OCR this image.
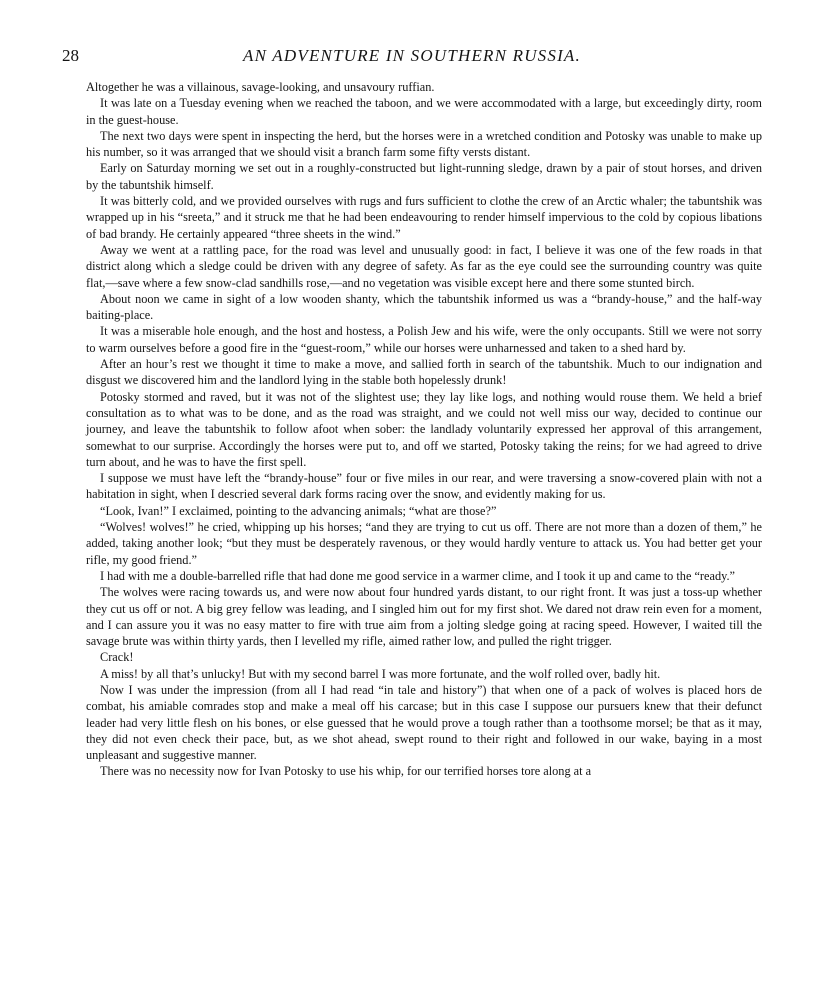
28	AN ADVENTURE IN SOUTHERN RUSSIA.

Altogether he was a villainous, savage-looking, and unsavoury ruffian.

It was late on a Tuesday evening when we reached the taboon, and we were accommodated with a large, but exceedingly dirty, room in the guest-house.

The next two days were spent in inspecting the herd, but the horses were in a wretched condition and Potosky was unable to make up his number, so it was arranged that we should visit a branch farm some fifty versts distant.

Early on Saturday morning we set out in a roughly-constructed but light-running sledge, drawn by a pair of stout horses, and driven by the tabuntshik himself.

It was bitterly cold, and we provided ourselves with rugs and furs sufficient to clothe the crew of an Arctic whaler; the tabuntshik was wrapped up in his “sreeta,” and it struck me that he had been endeavouring to render himself impervious to the cold by copious libations of bad brandy. He certainly appeared “three sheets in the wind.”

Away we went at a rattling pace, for the road was level and unusually good: in fact, I believe it was one of the few roads in that district along which a sledge could be driven with any degree of safety. As far as the eye could see the surrounding country was quite flat,—save where a few snow-clad sandhills rose,—and no vegetation was visible except here and there some stunted birch.

About noon we came in sight of a low wooden shanty, which the tabuntshik informed us was a “brandy-house,” and the half-way baiting-place.

It was a miserable hole enough, and the host and hostess, a Polish Jew and his wife, were the only occupants. Still we were not sorry to warm ourselves before a good fire in the “guest-room,” while our horses were unharnessed and taken to a shed hard by.

After an hour’s rest we thought it time to make a move, and sallied forth in search of the tabuntshik. Much to our indignation and disgust we discovered him and the landlord lying in the stable both hopelessly drunk!

Potosky stormed and raved, but it was not of the slightest use; they lay like logs, and nothing would rouse them. We held a brief consultation as to what was to be done, and as the road was straight, and we could not well miss our way, decided to continue our journey, and leave the tabuntshik to follow afoot when sober: the landlady voluntarily expressed her approval of this arrangement, somewhat to our surprise. Accordingly the horses were put to, and off we started, Potosky taking the reins; for we had agreed to drive turn about, and he was to have the first spell.

I suppose we must have left the “brandy-house” four or five miles in our rear, and were traversing a snow-covered plain with not a habitation in sight, when I descried several dark forms racing over the snow, and evidently making for us.

“Look, Ivan!” I exclaimed, pointing to the advancing animals; “what are those?”

“Wolves! wolves!” he cried, whipping up his horses; “and they are trying to cut us off. There are not more than a dozen of them,” he added, taking another look; “but they must be desperately ravenous, or they would hardly venture to attack us. You had better get your rifle, my good friend.”

I had with me a double-barrelled rifle that had done me good service in a warmer clime, and I took it up and came to the “ready.”

The wolves were racing towards us, and were now about four hundred yards distant, to our right front. It was just a toss-up whether they cut us off or not. A big grey fellow was leading, and I singled him out for my first shot. We dared not draw rein even for a moment, and I can assure you it was no easy matter to fire with true aim from a jolting sledge going at racing speed. However, I waited till the savage brute was within thirty yards, then I levelled my rifle, aimed rather low, and pulled the right trigger.

Crack!

A miss! by all that’s unlucky! But with my second barrel I was more fortunate, and the wolf rolled over, badly hit.

Now I was under the impression (from all I had read “in tale and history”) that when one of a pack of wolves is placed hors de combat, his amiable comrades stop and make a meal off his carcase; but in this case I suppose our pursuers knew that their defunct leader had very little flesh on his bones, or else guessed that he would prove a tough rather than a toothsome morsel; be that as it may, they did not even check their pace, but, as we shot ahead, swept round to their right and followed in our wake, baying in a most unpleasant and suggestive manner.

There was no necessity now for Ivan Potosky to use his whip, for our terrified horses tore along at a
